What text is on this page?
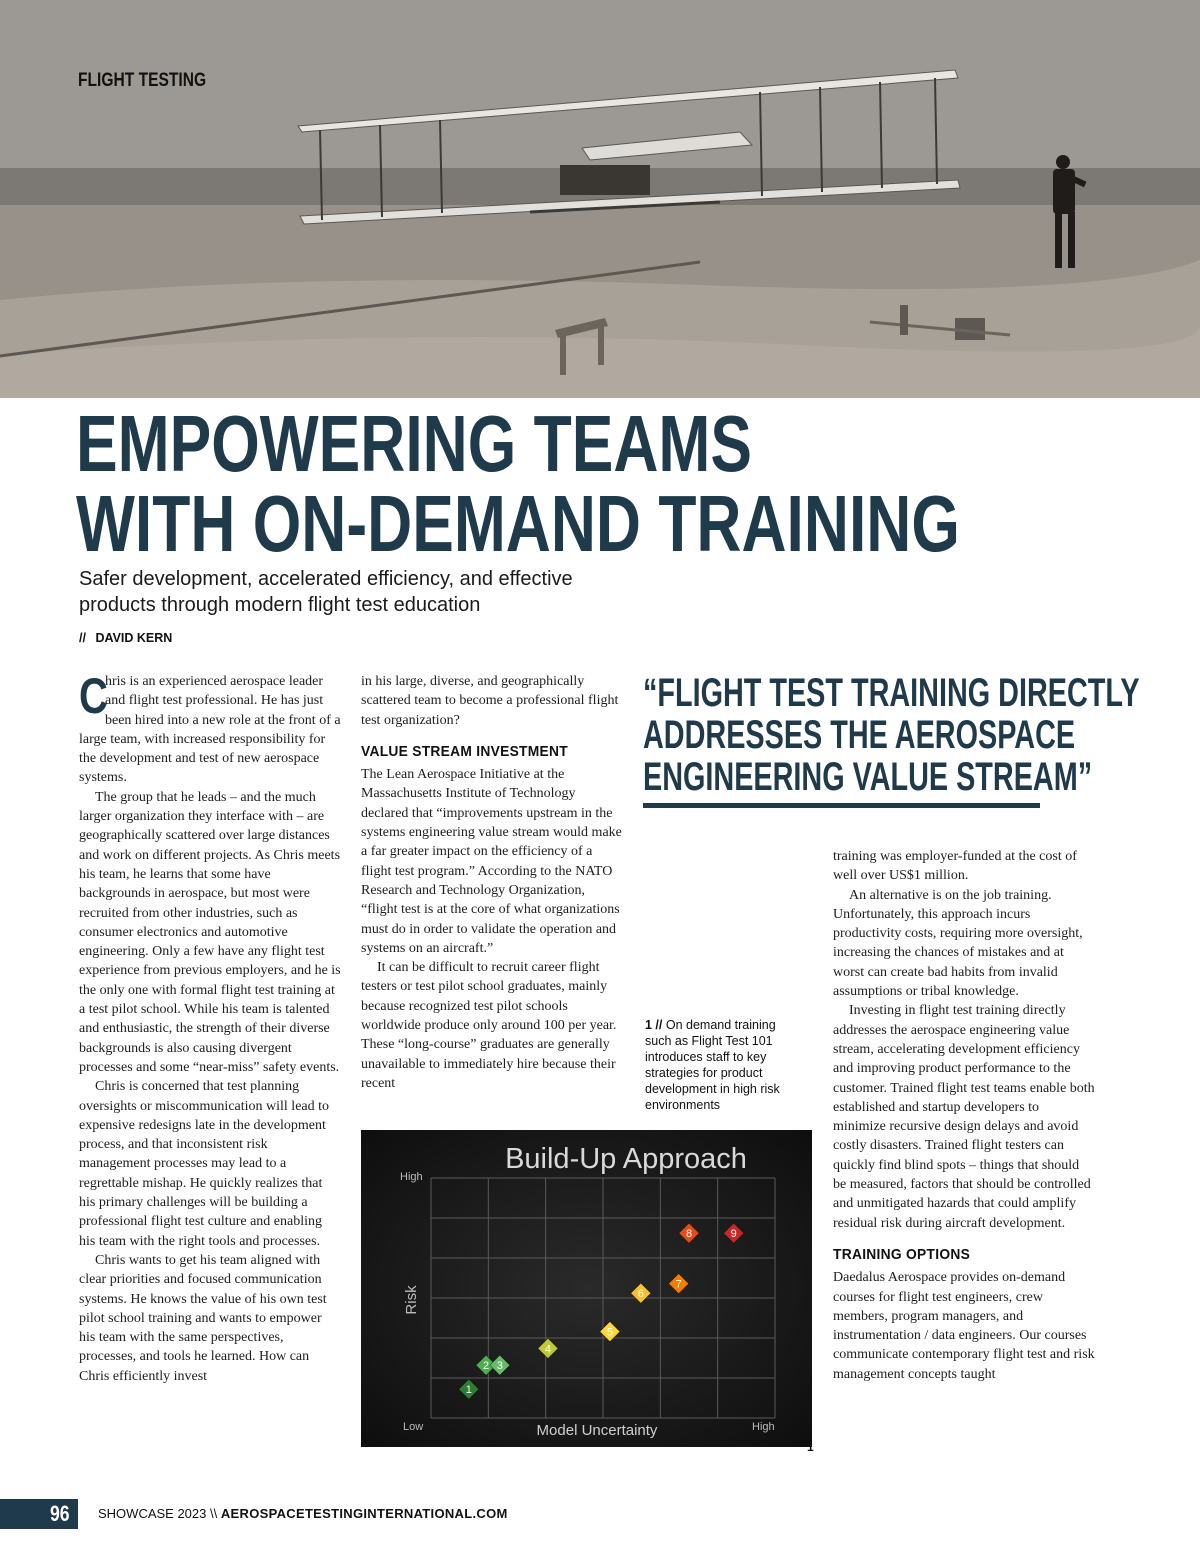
FLIGHT TESTING
EMPOWERING TEAMS
WITH ON-DEMAND TRAINING
Safer development, accelerated efficiency, and effective
products through modern flight test education
// DAVID KERN

C
hris is an experienced aerospace leader and flight test professional. He has just been hired into a new role at the front of a large team, with increased responsibility for the development and test of new aerospace systems.

The group that he leads – and the much larger organization they interface with – are geographically scattered over large distances and work on different projects. As Chris meets his team, he learns that some have backgrounds in aerospace, but most were recruited from other industries, such as consumer electronics and automotive engineering. Only a few have any flight test experience from previous employers, and he is the only one with formal flight test training at a test pilot school. While his team is talented and enthusiastic, the strength of their diverse backgrounds is also causing divergent processes and some “near-miss” safety events.

Chris is concerned that test planning oversights or miscommunication will lead to expensive redesigns late in the development process, and that inconsistent risk management processes may lead to a regrettable mishap. He quickly realizes that his primary challenges will be building a professional flight test culture and enabling his team with the right tools and processes.

Chris wants to get his team aligned with clear priorities and focused communication systems. He knows the value of his own test pilot school training and wants to empower his team with the same perspectives, processes, and tools he learned. How can Chris efficiently invest

in his large, diverse, and geographically scattered team to become a professional flight test organization?

VALUE STREAM INVESTMENT

The Lean Aerospace Initiative at the Massachusetts Institute of Technology declared that “improvements upstream in the systems engineering value stream would make a far greater impact on the efficiency of a flight test program.” According to the NATO Research and Technology Organization, “flight test is at the core of what organizations must do in order to validate the operation and systems on an aircraft.”

It can be difficult to recruit career flight testers or test pilot school graduates, mainly because recognized test pilot schools worldwide produce only around 100 per year. These “long-course” graduates are generally unavailable to immediately hire because their recent

“FLIGHT TEST TRAINING DIRECTLY
ADDRESSES THE AEROSPACE
ENGINEERING VALUE STREAM”
1 // On demand training such as Flight Test 101 introduces staff to key strategies for product development in high risk environments
Build-Up Approach
High
Risk
Low	High
Model Uncertainty
1
2 3
4
5
6
7
8	9
1

training was employer-funded at the cost of well over US$1 million.

An alternative is on the job training. Unfortunately, this approach incurs productivity costs, requiring more oversight, increasing the chances of mistakes and at worst can create bad habits from invalid assumptions or tribal knowledge.

Investing in flight test training directly addresses the aerospace engineering value stream, accelerating development efficiency and improving product performance to the customer. Trained flight test teams enable both established and startup developers to minimize recursive design delays and avoid costly disasters. Trained flight testers can quickly find blind spots – things that should be measured, factors that should be controlled and unmitigated hazards that could amplify residual risk during aircraft development.

TRAINING OPTIONS

Daedalus Aerospace provides on-demand courses for flight test engineers, crew members, program managers, and instrumentation / data engineers. Our courses communicate contemporary flight test and risk management concepts taught

96 SHOWCASE 2023 \\ AEROSPACETESTINGINTERNATIONAL.COM
